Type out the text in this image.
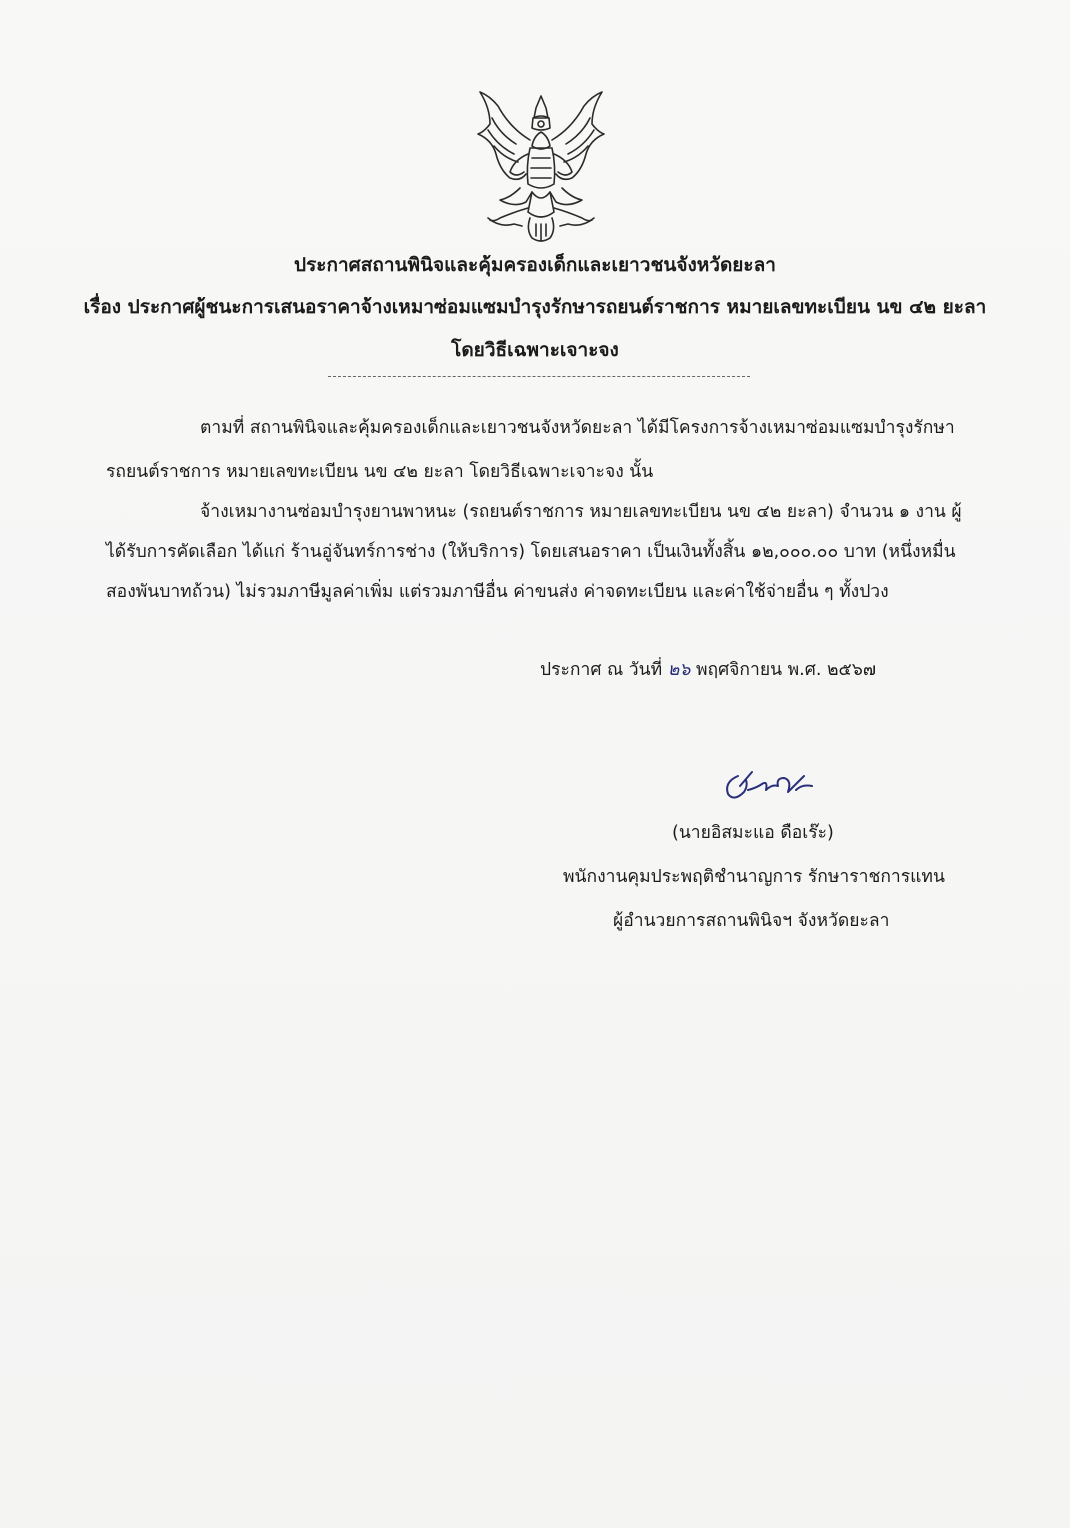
ประกาศสถานพินิจและคุ้มครองเด็กและเยาวชนจังหวัดยะลา
เรื่อง ประกาศผู้ชนะการเสนอราคาจ้างเหมาซ่อมแซมบำรุงรักษารถยนต์ราชการ หมายเลขทะเบียน นข ๔๒ ยะลา
โดยวิธีเฉพาะเจาะจง
ตามที่ สถานพินิจและคุ้มครองเด็กและเยาวชนจังหวัดยะลา ได้มีโครงการจ้างเหมาซ่อมแซมบำรุงรักษา
รถยนต์ราชการ หมายเลขทะเบียน นข ๔๒ ยะลา โดยวิธีเฉพาะเจาะจง นั้น
จ้างเหมางานซ่อมบำรุงยานพาหนะ (รถยนต์ราชการ หมายเลขทะเบียน นข ๔๒ ยะลา) จำนวน ๑ งาน ผู้
ได้รับการคัดเลือก ได้แก่ ร้านอู่จันทร์การช่าง (ให้บริการ) โดยเสนอราคา เป็นเงินทั้งสิ้น ๑๒,๐๐๐.๐๐ บาท (หนึ่งหมื่น
สองพันบาทถ้วน) ไม่รวมภาษีมูลค่าเพิ่ม แต่รวมภาษีอื่น ค่าขนส่ง ค่าจดทะเบียน และค่าใช้จ่ายอื่น ๆ ทั้งปวง
ประกาศ ณ วันที่ ๒๖ พฤศจิกายน พ.ศ. ๒๕๖๗
(นายอิสมะแอ ดือเร๊ะ)
พนักงานคุมประพฤติชำนาญการ รักษาราชการแทน
ผู้อำนวยการสถานพินิจฯ จังหวัดยะลา
